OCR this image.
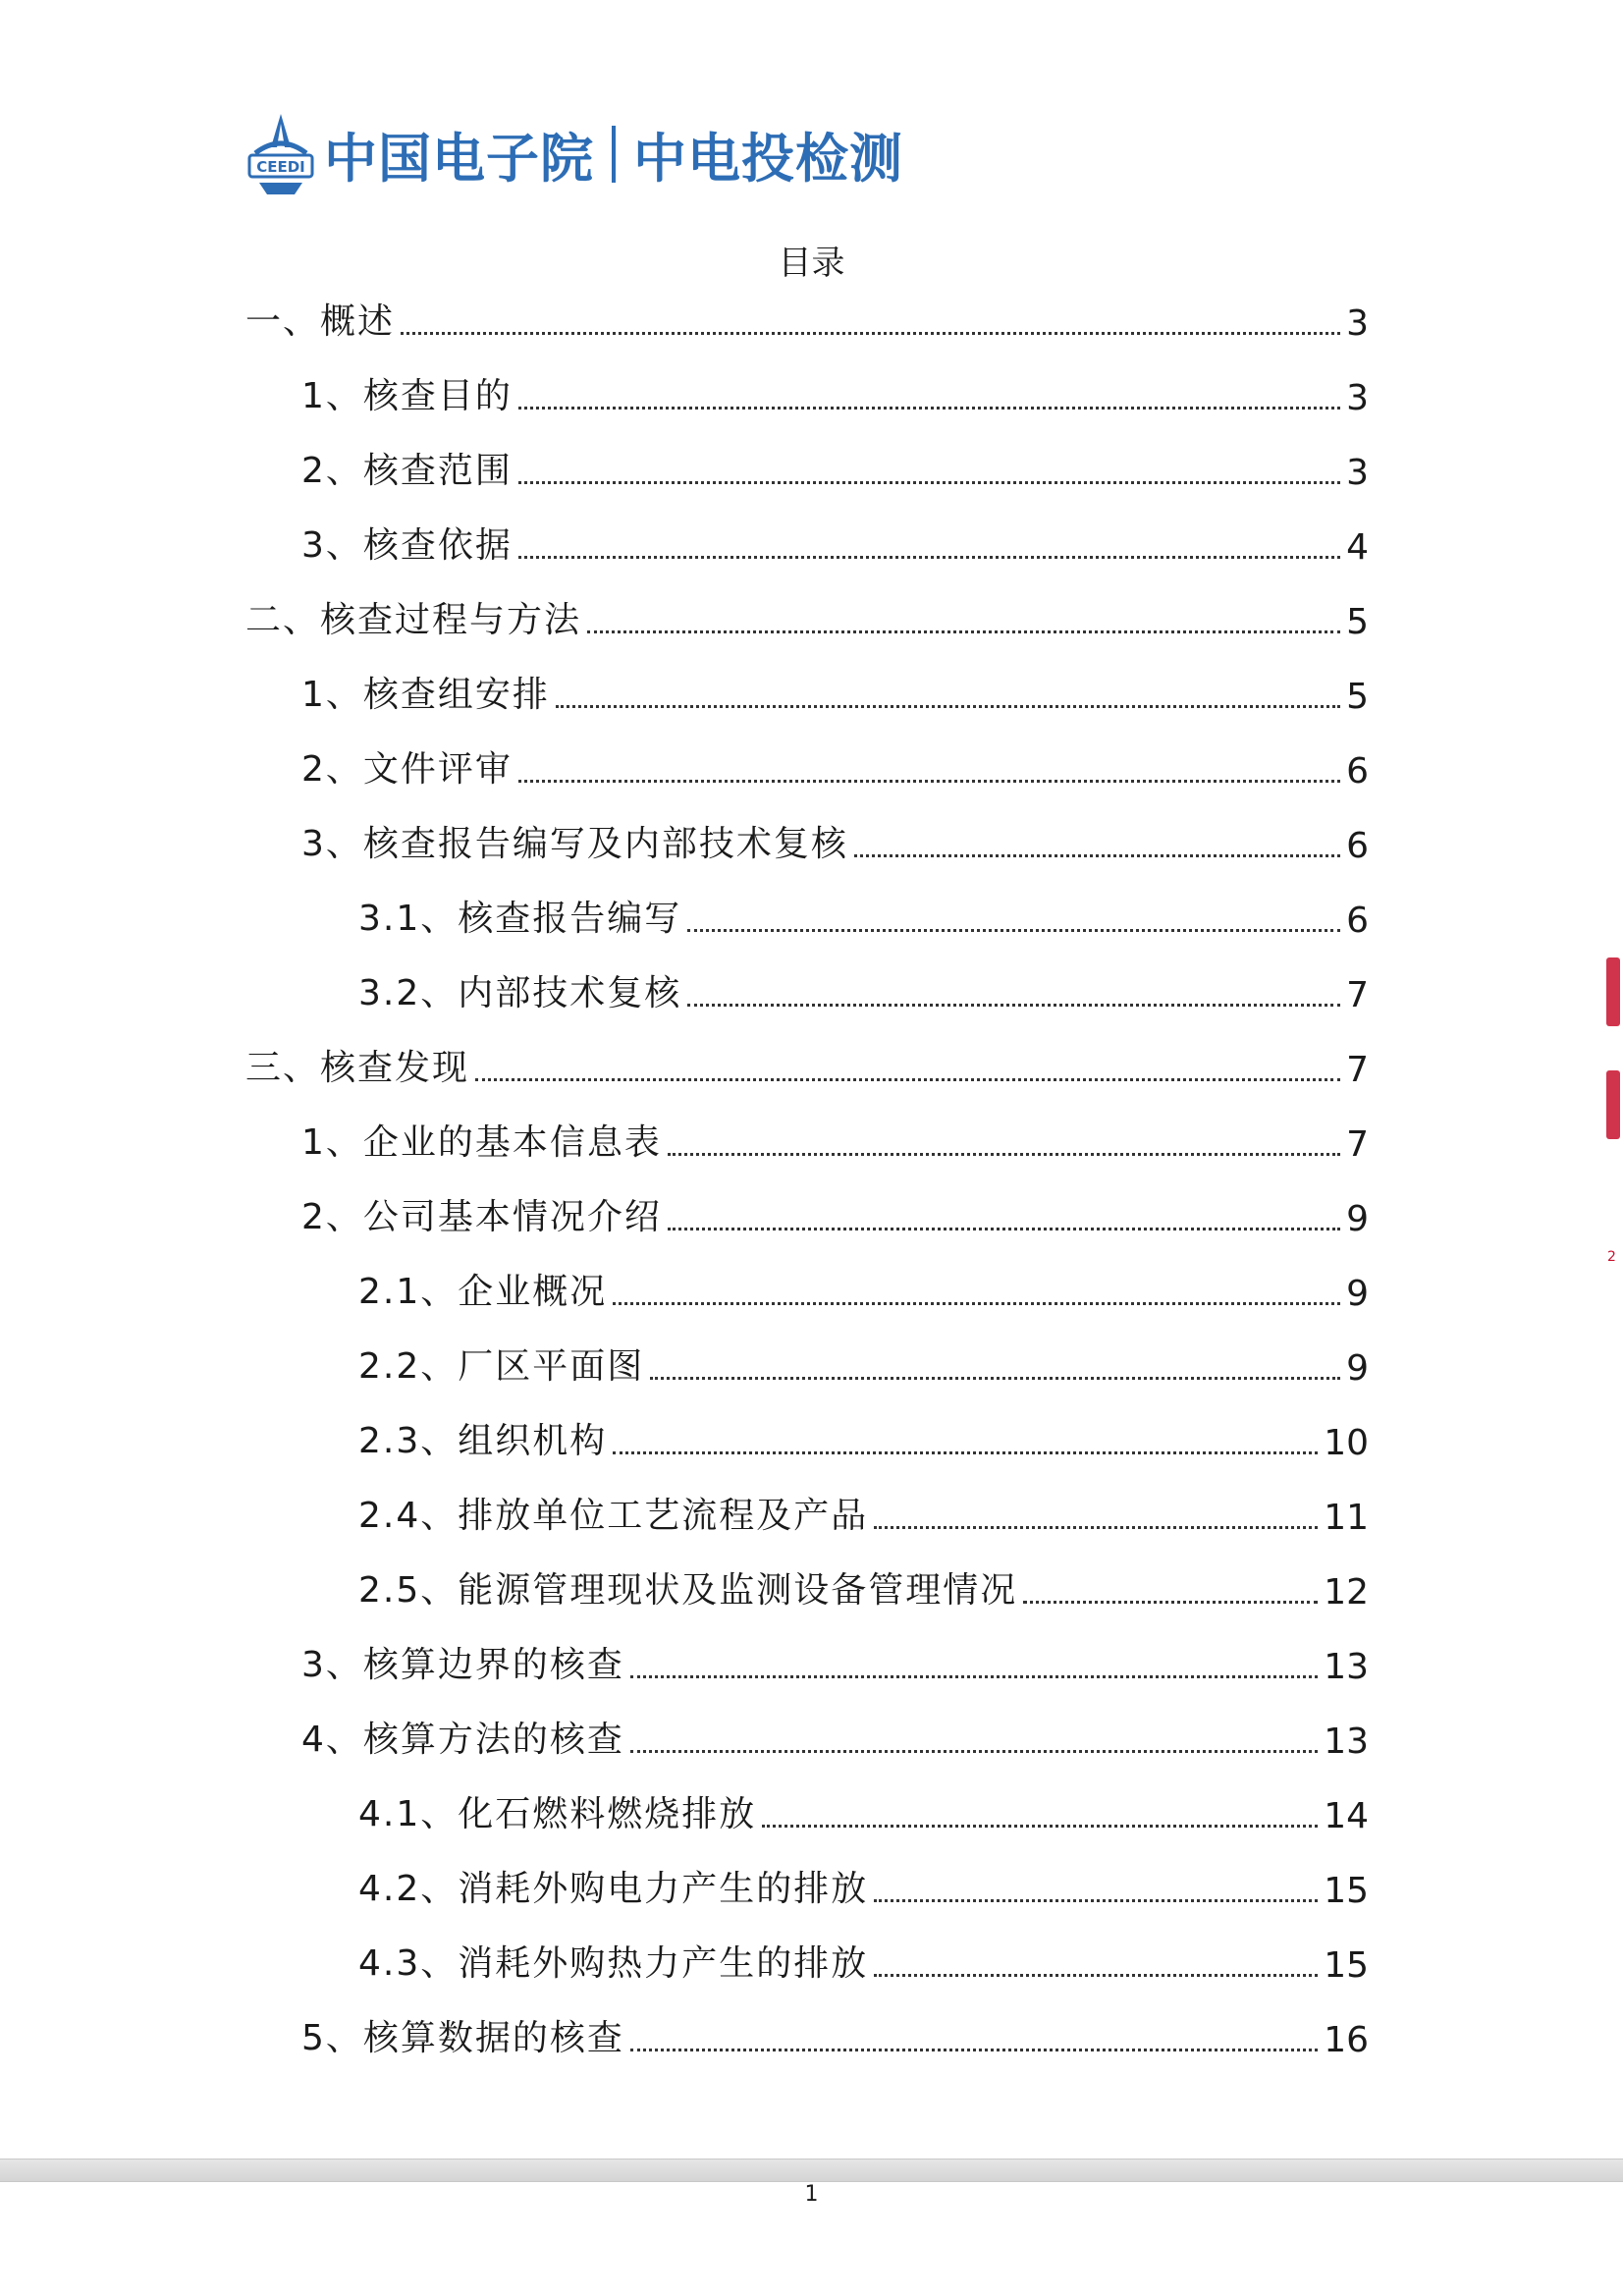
CEEDI 中国电子院 中电投检测
目录
一、概述	3
1、核查目的	3
2、核查范围	3
3、核查依据	4
二、核查过程与方法	5
1、核查组安排	5
2、文件评审	6
3、核查报告编写及内部技术复核	6
3.1、核查报告编写	6
3.2、内部技术复核	7
三、核查发现	7
1、企业的基本信息表	7
2、公司基本情况介绍	9
2.1、企业概况	9
2.2、厂区平面图	9
2.3、组织机构	10
2.4、排放单位工艺流程及产品	11
2.5、能源管理现状及监测设备管理情况	12
3、核算边界的核查	13
4、核算方法的核查	13
4.1、化石燃料燃烧排放	14
4.2、消耗外购电力产生的排放	15
4.3、消耗外购热力产生的排放	15
5、核算数据的核查	16
2
1
